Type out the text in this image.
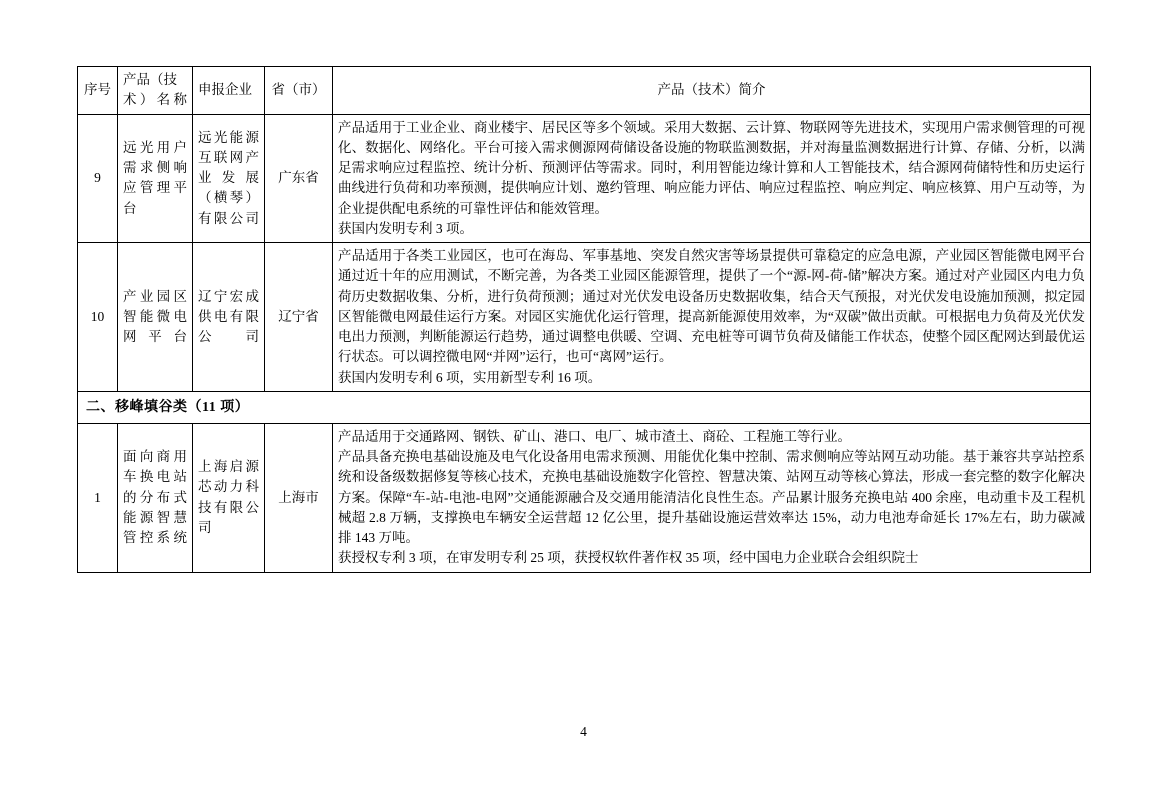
序号	产品（技术）名称	申报企业	省（市）	产品（技术）简介
9	远光用户需求侧响应管理平台	远光能源互联网产业发展（横琴）有限公司	广东省	产品适用于工业企业、商业楼宇、居民区等多个领域。采用大数据、云计算、物联网等先进技术，实现用户需求侧管理的可视化、数据化、网络化。平台可接入需求侧源网荷储设备设施的物联监测数据，并对海量监测数据进行计算、存储、分析，以满足需求响应过程监控、统计分析、预测评估等需求。同时，利用智能边缘计算和人工智能技术，结合源网荷储特性和历史运行曲线进行负荷和功率预测，提供响应计划、邀约管理、响应能力评估、响应过程监控、响应判定、响应核算、用户互动等，为企业提供配电系统的可靠性评估和能效管理。

获国内发明专利 3 项。

10	产业园区智能微电网平台	辽宁宏成供电有限公司	辽宁省	产品适用于各类工业园区，也可在海岛、军事基地、突发自然灾害等场景提供可靠稳定的应急电源，产业园区智能微电网平台通过近十年的应用测试，不断完善，为各类工业园区能源管理，提供了一个“源-网-荷-储”解决方案。通过对产业园区内电力负荷历史数据收集、分析，进行负荷预测；通过对光伏发电设备历史数据收集，结合天气预报，对光伏发电设施加预测，拟定园区智能微电网最佳运行方案。对园区实施优化运行管理，提高新能源使用效率，为“双碳”做出贡献。可根据电力负荷及光伏发电出力预测，判断能源运行趋势，通过调整电供暖、空调、充电桩等可调节负荷及储能工作状态，使整个园区配网达到最优运行状态。可以调控微电网“并网”运行，也可“离网”运行。

获国内发明专利 6 项，实用新型专利 16 项。

二、移峰填谷类（11 项）				
1	面向商用车换电站的分布式能源智慧管控系统	上海启源芯动力科技有限公司	上海市	产品适用于交通路网、钢铁、矿山、港口、电厂、城市渣土、商砼、工程施工等行业。

产品具备充换电基础设施及电气化设备用电需求预测、用能优化集中控制、需求侧响应等站网互动功能。基于兼容共享站控系统和设备级数据修复等核心技术，充换电基础设施数字化管控、智慧决策、站网互动等核心算法，形成一套完整的数字化解决方案。保障“车-站-电池-电网”交通能源融合及交通用能清洁化良性生态。产品累计服务充换电站 400 余座，电动重卡及工程机械超 2.8 万辆，支撑换电车辆安全运营超 12 亿公里，提升基础设施运营效率达 15%，动力电池寿命延长 17%左右，助力碳减排 143 万吨。

获授权专利 3 项，在审发明专利 25 项，获授权软件著作权 35 项，经中国电力企业联合会组织院士

4
